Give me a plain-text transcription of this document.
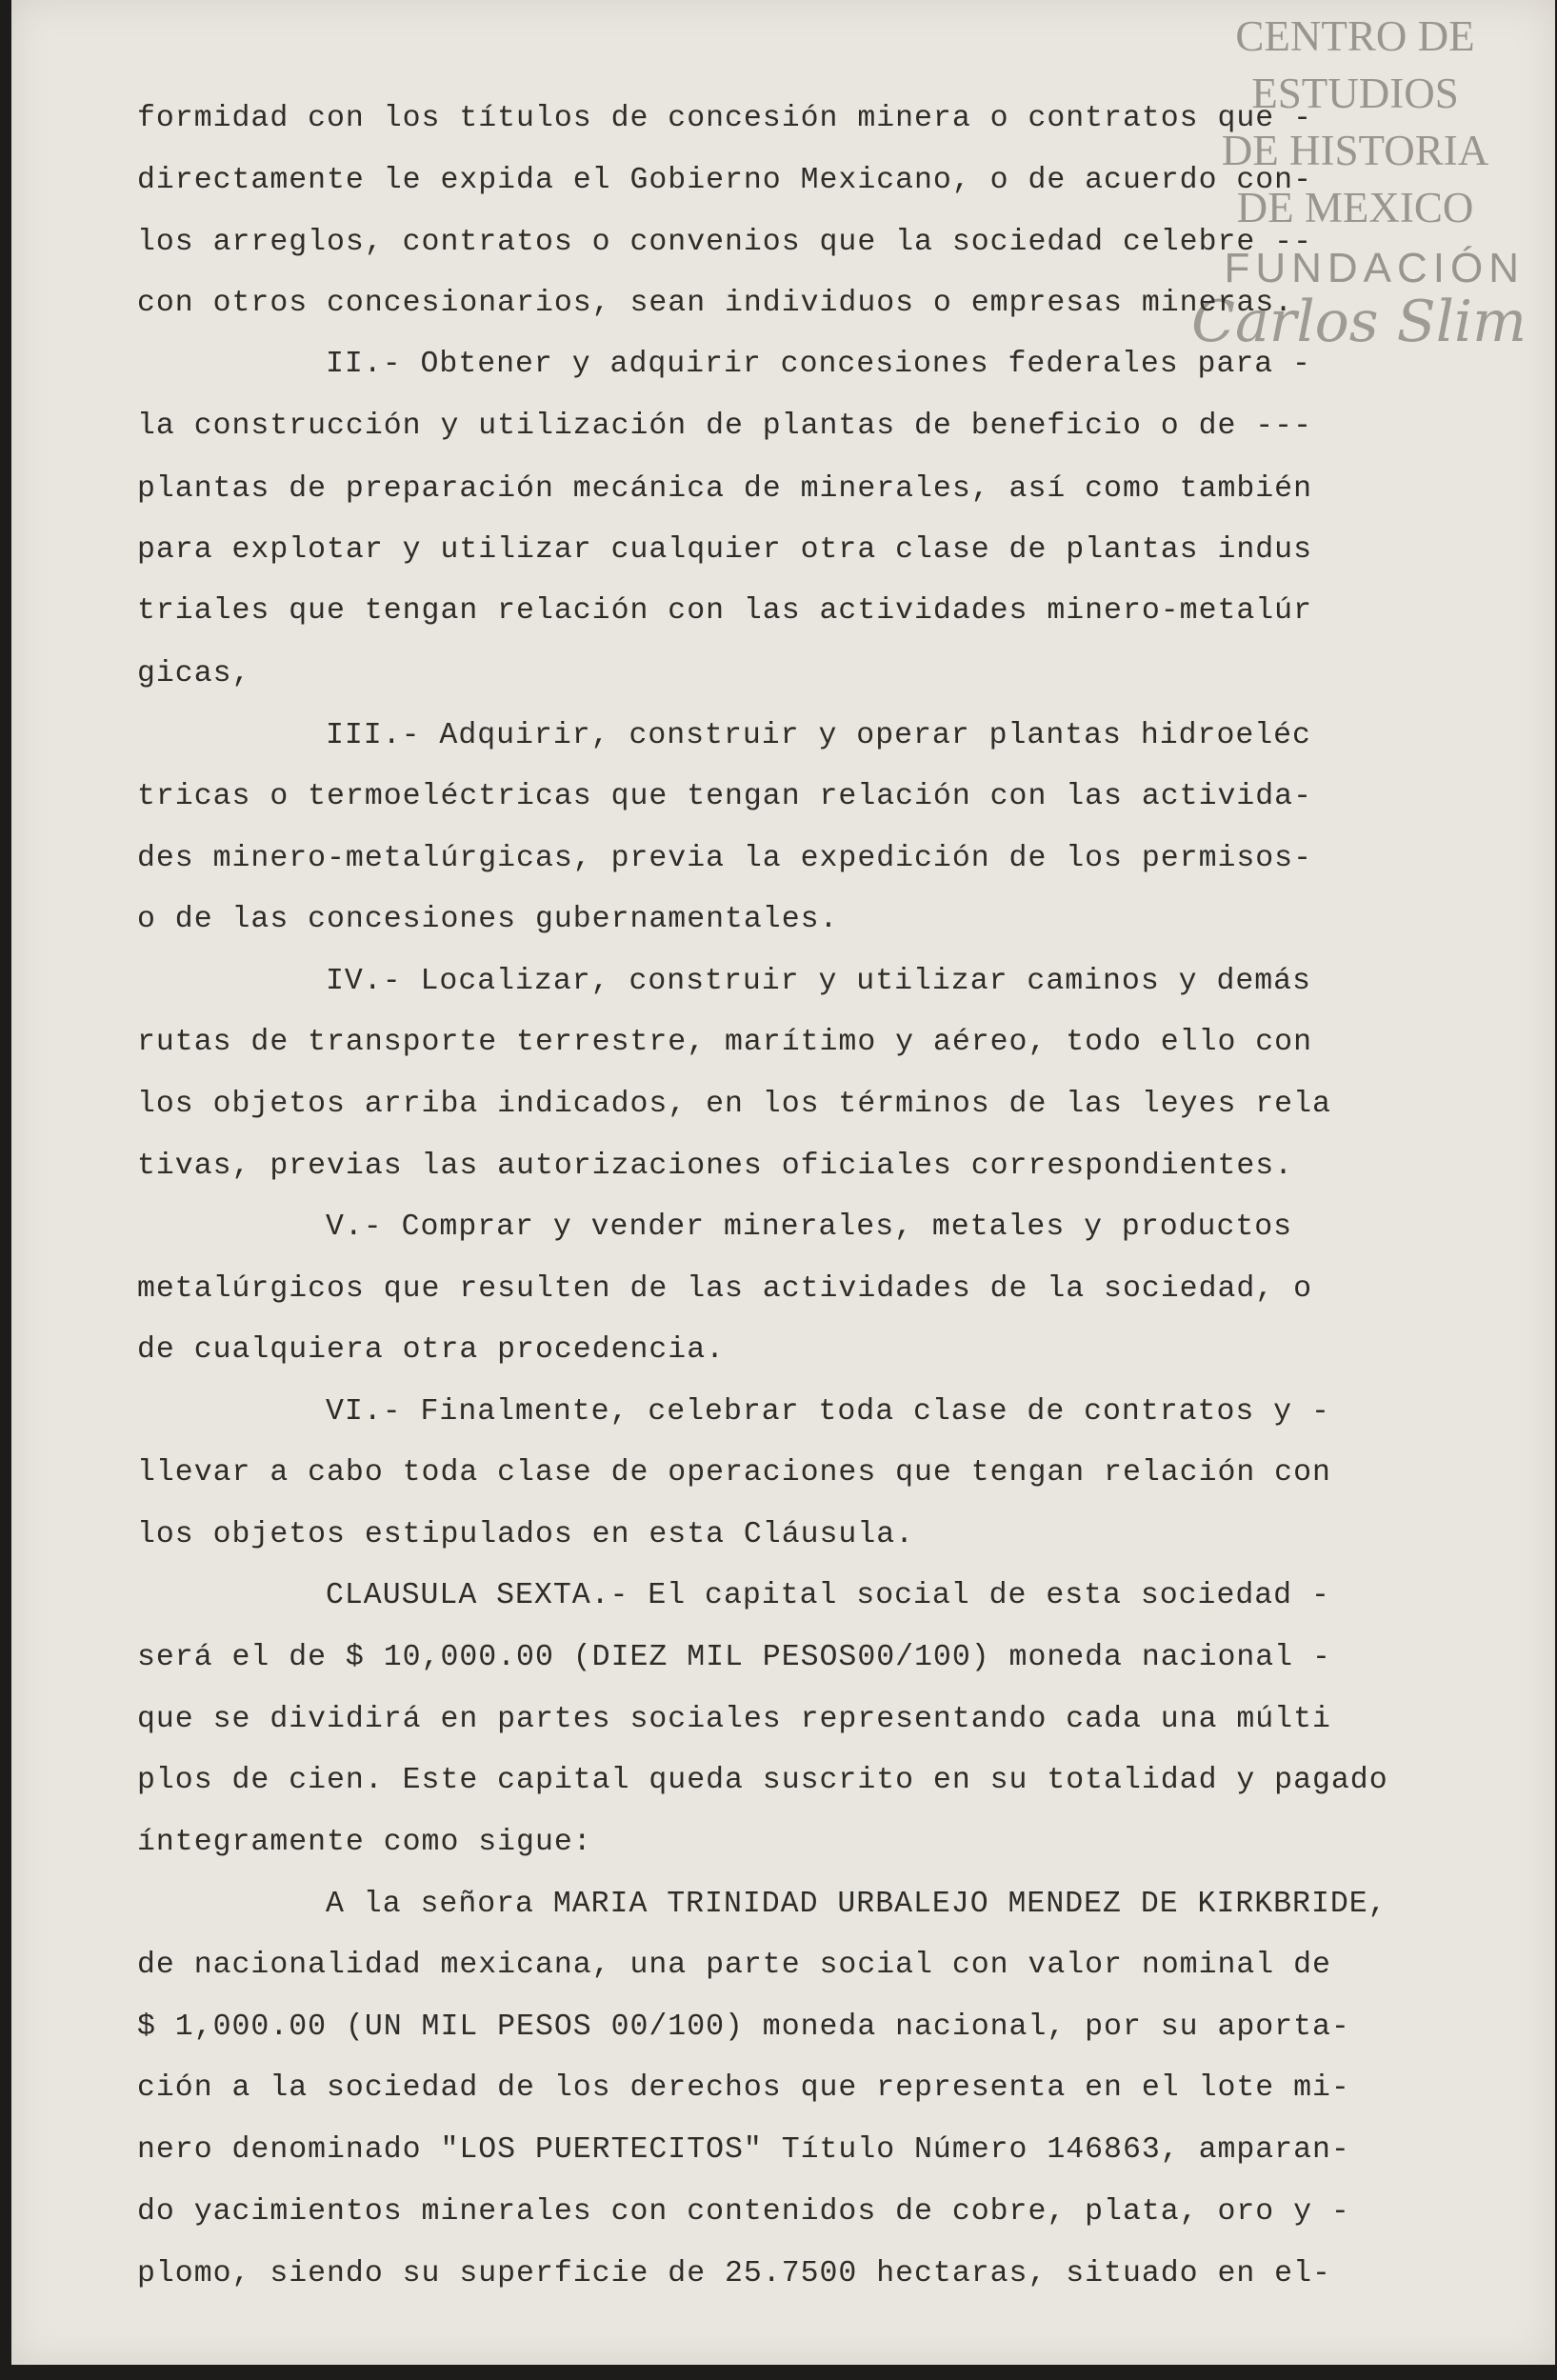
CENTRO DE
ESTUDIOS
DE HISTORIA
DE MEXICO
FUNDACIÓN
Carlos Slim

formidad con los títulos de concesión minera o contratos que -

directamente le expida el Gobierno Mexicano, o de acuerdo con-

los arreglos, contratos o convenios que la sociedad celebre --

con otros concesionarios, sean individuos o empresas mineras.

II.- Obtener y adquirir concesiones federales para -

la construcción y utilización de plantas de beneficio o de ---

plantas de preparación mecánica de minerales, así como también

para explotar y utilizar cualquier otra clase de plantas indus

triales que tengan relación con las actividades minero-metalúr

gicas,

III.- Adquirir, construir y operar plantas hidroeléc

tricas o termoeléctricas que tengan relación con las activida-

des minero-metalúrgicas, previa la expedición de los permisos-

o de las concesiones gubernamentales.

IV.- Localizar, construir y utilizar caminos y demás

rutas de transporte terrestre, marítimo y aéreo, todo ello con

los objetos arriba indicados, en los términos de las leyes rela

tivas, previas las autorizaciones oficiales correspondientes.

V.- Comprar y vender minerales, metales y productos

metalúrgicos que resulten de las actividades de la sociedad, o

de cualquiera otra procedencia.

VI.- Finalmente, celebrar toda clase de contratos y -

llevar a cabo toda clase de operaciones que tengan relación con

los objetos estipulados en esta Cláusula.

CLAUSULA SEXTA.- El capital social de esta sociedad -

será el de $ 10,000.00 (DIEZ MIL PESOS00/100) moneda nacional -

que se dividirá en partes sociales representando cada una múlti

plos de cien. Este capital queda suscrito en su totalidad y pagado

íntegramente como sigue:

A la señora MARIA TRINIDAD URBALEJO MENDEZ DE KIRKBRIDE,

de nacionalidad mexicana, una parte social con valor nominal de

$ 1,000.00 (UN MIL PESOS 00/100) moneda nacional, por su aporta-

ción a la sociedad de los derechos que representa en el lote mi-

nero denominado "LOS PUERTECITOS" Título Número 146863, amparan-

do yacimientos minerales con contenidos de cobre, plata, oro y -

plomo, siendo su superficie de 25.7500 hectaras, situado en el-
